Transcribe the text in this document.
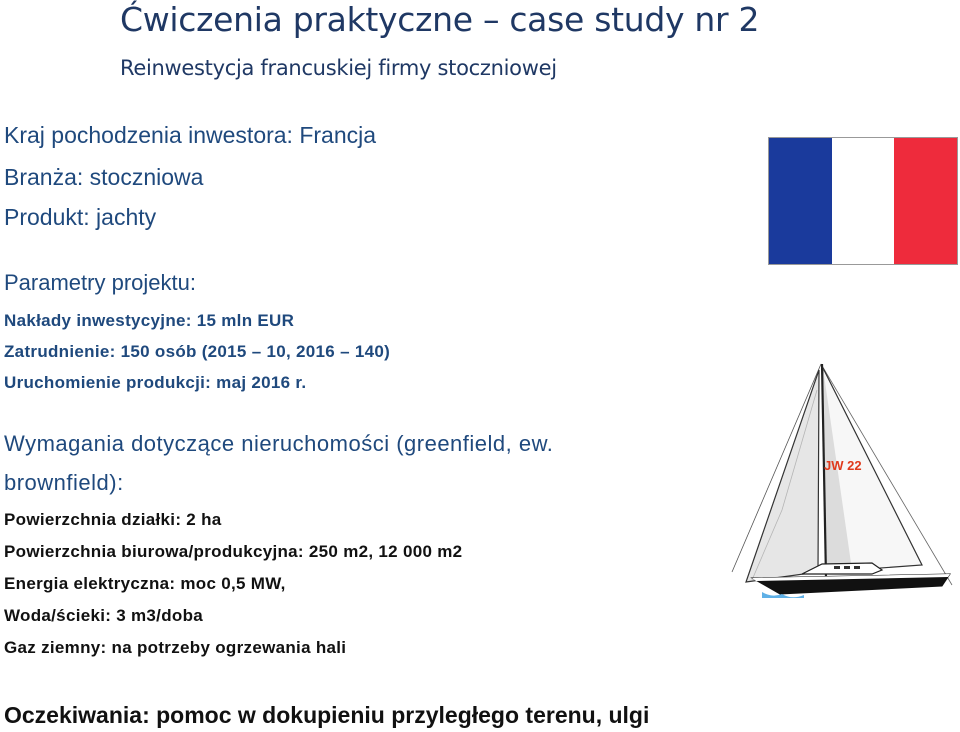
Ćwiczenia praktyczne – case study nr 2
Reinwestycja francuskiej firmy stoczniowej
Kraj pochodzenia inwestora: Francja
Branża: stoczniowa
Produkt: jachty
Parametry projektu:
Nakłady inwestycyjne: 15 mln EUR
Zatrudnienie: 150 osób (2015 – 10, 2016 – 140)
Uruchomienie produkcji: maj 2016 r.
Wymagania dotyczące nieruchomości (greenfield, ew.
brownfield):
Powierzchnia działki: 2 ha
Powierzchnia biurowa/produkcyjna: 250 m2, 12 000 m2
Energia elektryczna: moc 0,5 MW,
Woda/ścieki: 3 m3/doba
Gaz ziemny: na potrzeby ogrzewania hali
Oczekiwania: pomoc w dokupieniu przyległego terenu, ulgi
JW 22
